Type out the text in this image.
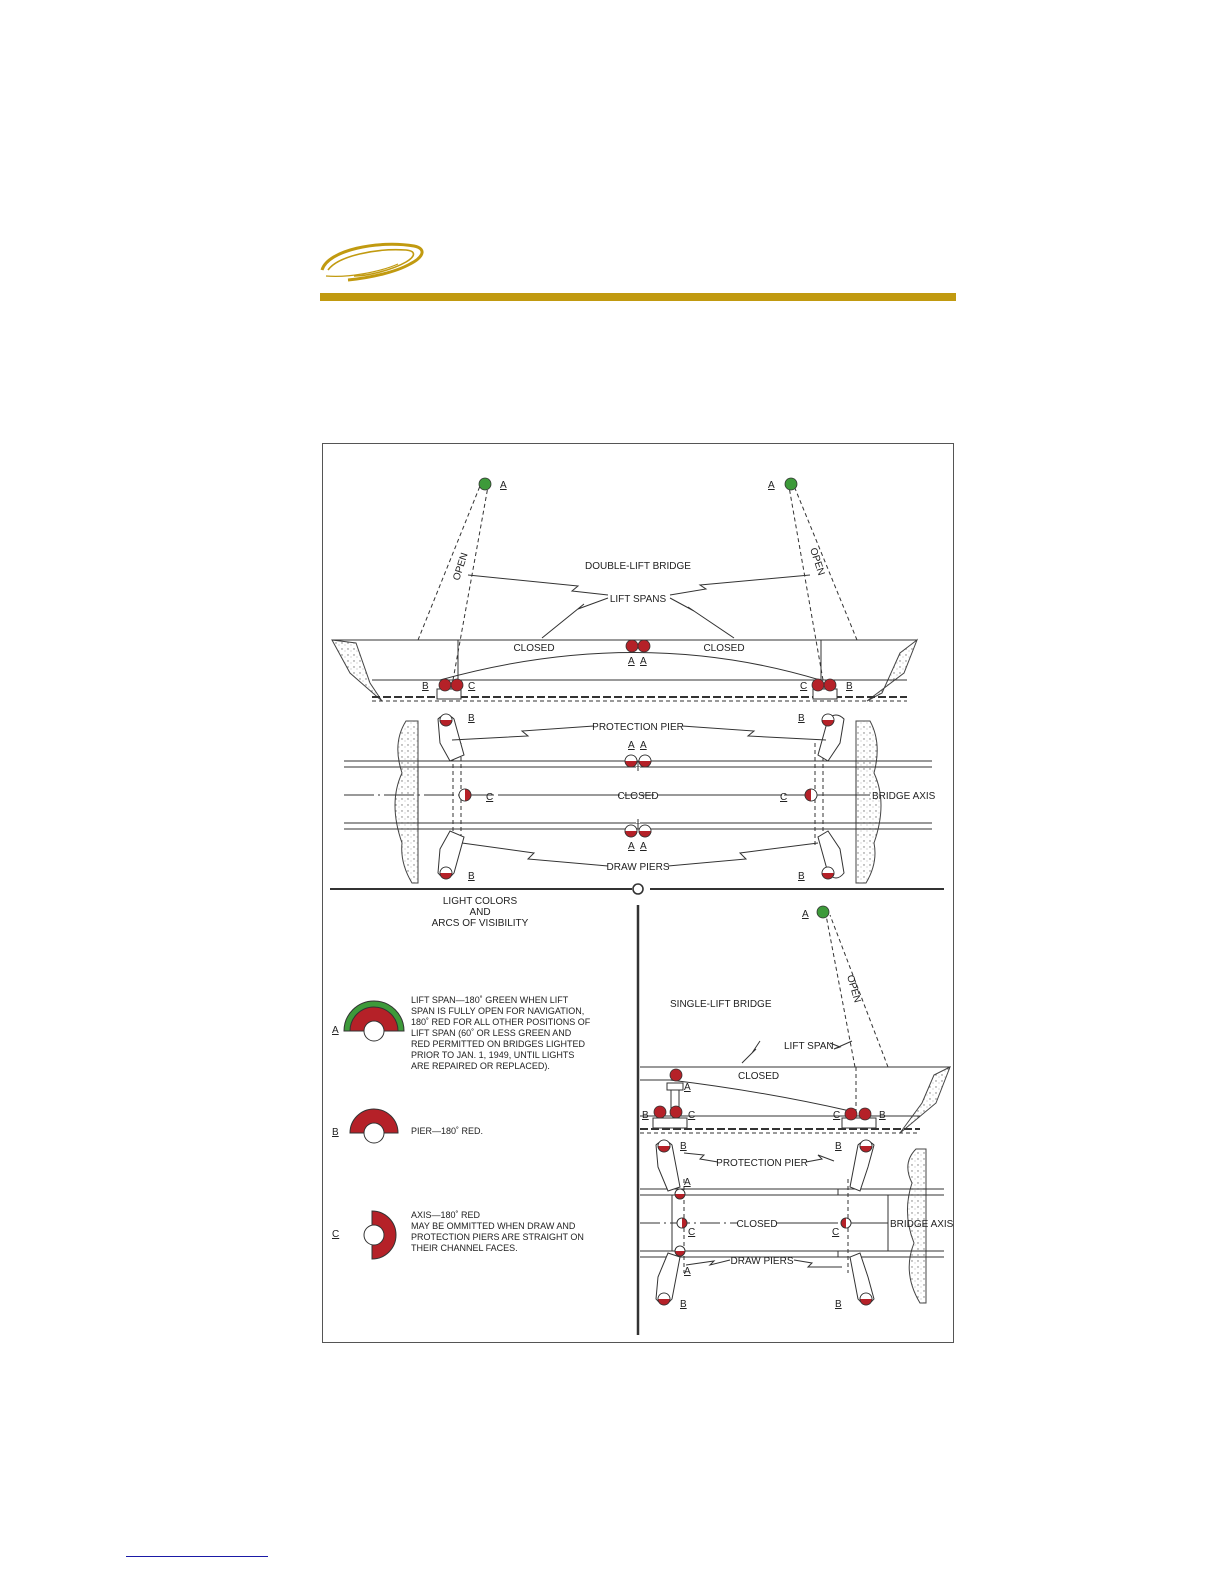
DOUBLE-LIFT BRIDGE
LIFT SPANS
CLOSED	CLOSED
OPEN	OPEN
A	A
A A
B	C	C	B
PROTECTION PIER
CLOSED	BRIDGE AXIS
DRAW PIERS
B	B
B	B
A A
A A
C	C
LIGHT COLORS
AND
ARCS OF VISIBILITY
A
LIFT SPAN—180˚ GREEN WHEN LIFT SPAN IS FULLY OPEN FOR NAVIGATION, 180˚ RED FOR ALL OTHER POSITIONS OF LIFT SPAN (60˚ OR LESS GREEN AND RED PERMITTED ON BRIDGES LIGHTED PRIOR TO JAN. 1, 1949, UNTIL LIGHTS ARE REPAIRED OR REPLACED).
B	PIER—180˚ RED.
C
AXIS—180˚ RED MAY BE OMMITTED WHEN DRAW AND PROTECTION PIERS ARE STRAIGHT ON THEIR CHANNEL FACES.
SINGLE-LIFT BRIDGE
LIFT SPAN
CLOSED
OPEN
A
A
B	C	C	B
PROTECTION PIER
CLOSED	BRIDGE AXIS
DRAW PIERS
B	B
B	B
A
A
C	C
